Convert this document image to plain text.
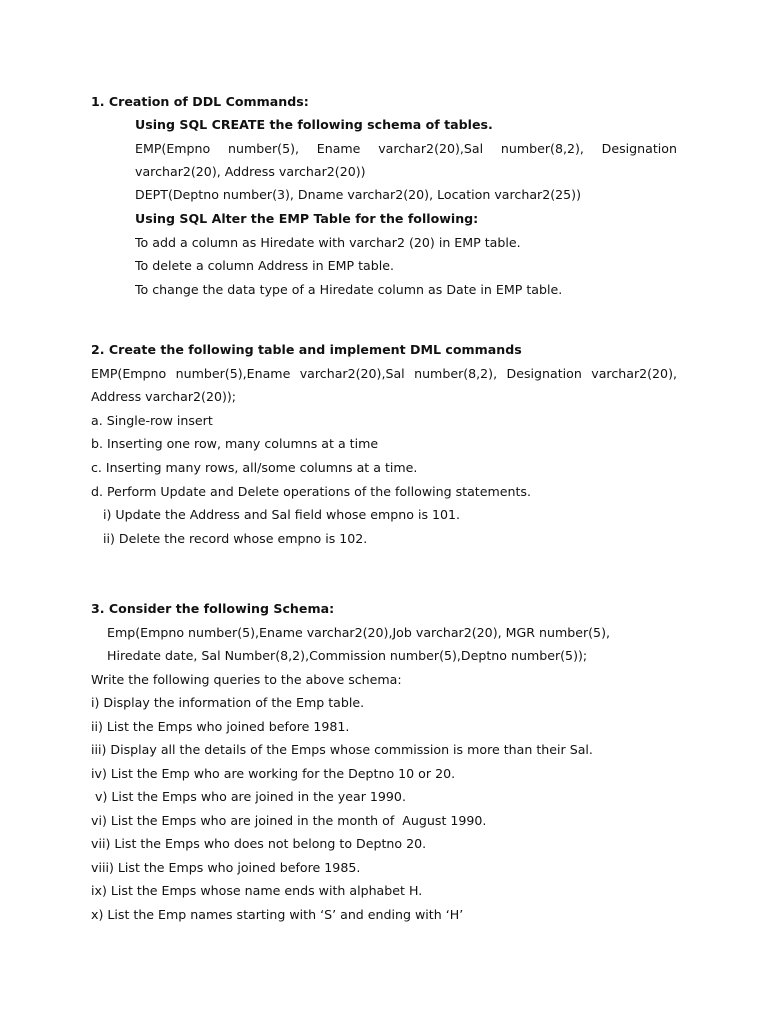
1. Creation of DDL Commands:
Using SQL CREATE the following schema of tables.
EMP(Empno number(5), Ename varchar2(20),Sal number(8,2), Designation
varchar2(20), Address varchar2(20))
DEPT(Deptno number(3), Dname varchar2(20), Location varchar2(25))
Using SQL Alter the EMP Table for the following:
To add a column as Hiredate with varchar2 (20) in EMP table.
To delete a column Address in EMP table.
To change the data type of a Hiredate column as Date in EMP table.
2. Create the following table and implement DML commands
EMP(Empno number(5),Ename varchar2(20),Sal number(8,2), Designation varchar2(20),
Address varchar2(20));
a. Single-row insert
b. Inserting one row, many columns at a time
c. Inserting many rows, all/some columns at a time.
d. Perform Update and Delete operations of the following statements.
i) Update the Address and Sal field whose empno is 101.
ii) Delete the record whose empno is 102.
3. Consider the following Schema:
Emp(Empno number(5),Ename varchar2(20),Job varchar2(20), MGR number(5),
Hiredate date, Sal Number(8,2),Commission number(5),Deptno number(5));
Write the following queries to the above schema:
i) Display the information of the Emp table.
ii) List the Emps who joined before 1981.
iii) Display all the details of the Emps whose commission is more than their Sal.
iv) List the Emp who are working for the Deptno 10 or 20.
v) List the Emps who are joined in the year 1990.
vi) List the Emps who are joined in the month of  August 1990.
vii) List the Emps who does not belong to Deptno 20.
viii) List the Emps who joined before 1985.
ix) List the Emps whose name ends with alphabet H.
x) List the Emp names starting with ‘S’ and ending with ‘H’
